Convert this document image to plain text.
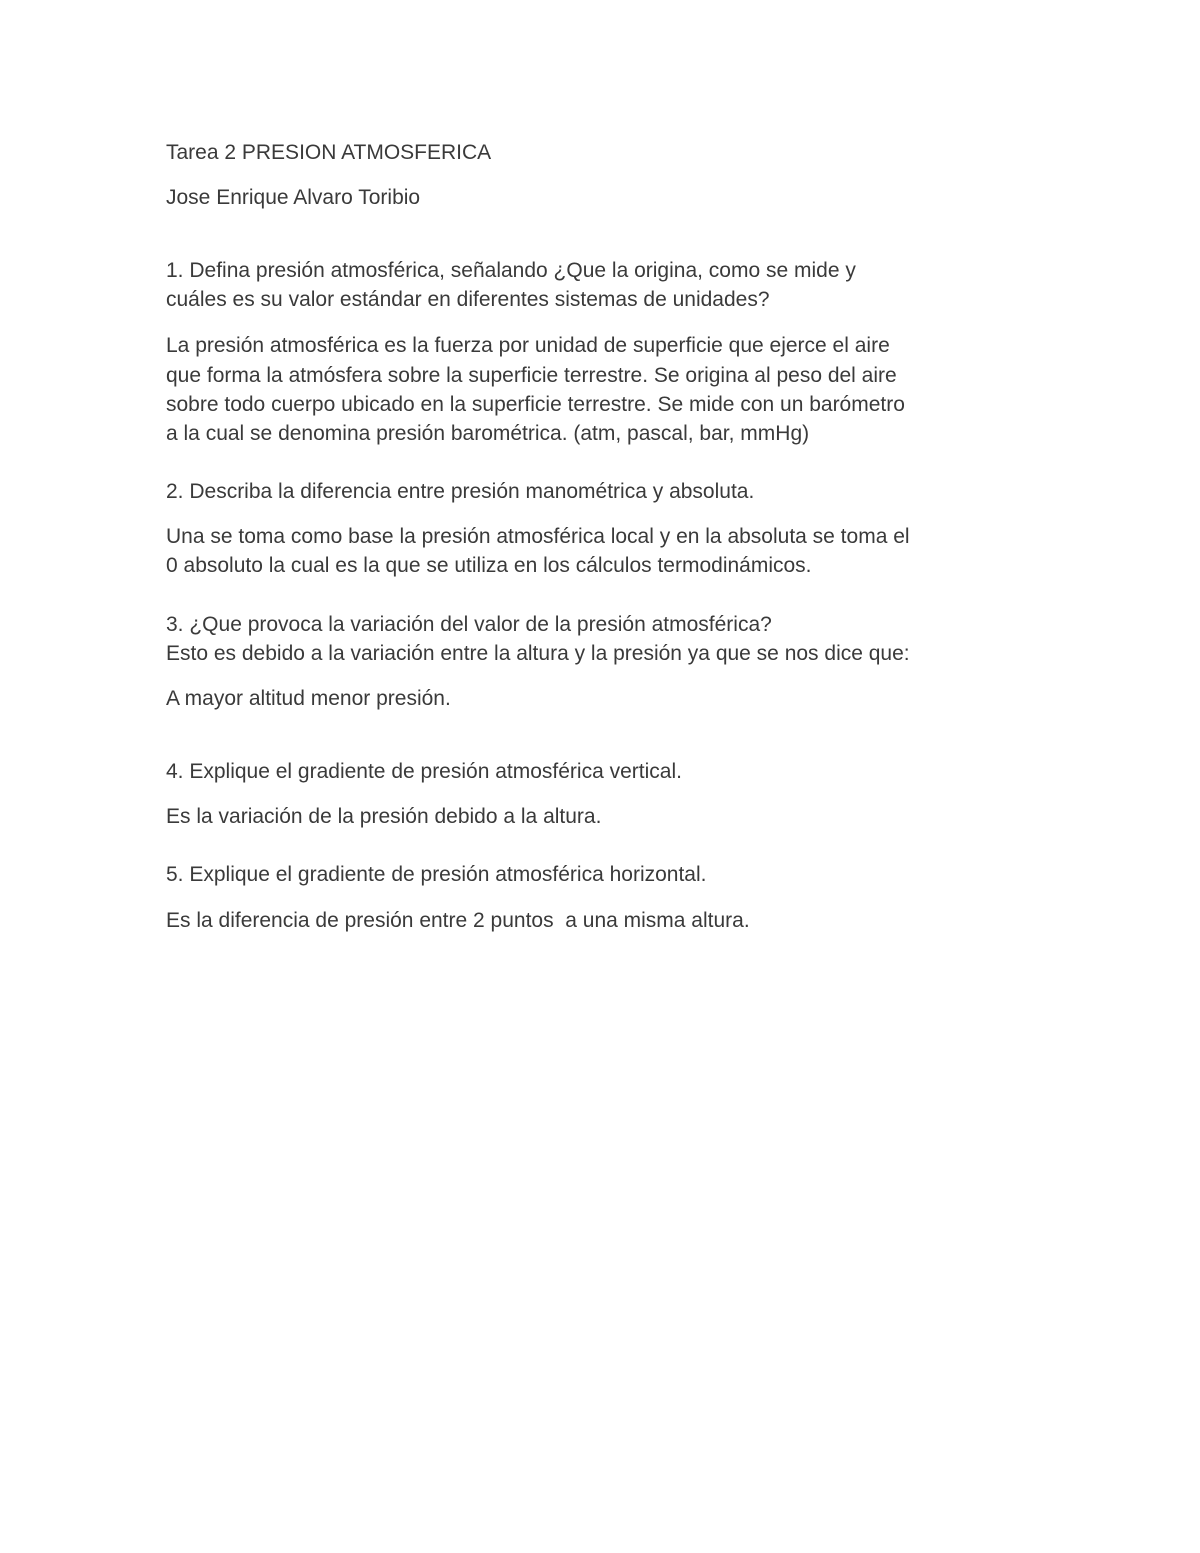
Tarea 2 PRESION ATMOSFERICA
Jose Enrique Alvaro Toribio
1. Defina presión atmosférica, señalando ¿Que la origina, como se mide y
cuáles es su valor estándar en diferentes sistemas de unidades?
La presión atmosférica es la fuerza por unidad de superficie que ejerce el aire
que forma la atmósfera sobre la superficie terrestre. Se origina al peso del aire
sobre todo cuerpo ubicado en la superficie terrestre. Se mide con un barómetro
a la cual se denomina presión barométrica. (atm, pascal, bar, mmHg)
2. Describa la diferencia entre presión manométrica y absoluta.
Una se toma como base la presión atmosférica local y en la absoluta se toma el
0 absoluto la cual es la que se utiliza en los cálculos termodinámicos.
3. ¿Que provoca la variación del valor de la presión atmosférica?
Esto es debido a la variación entre la altura y la presión ya que se nos dice que:
A mayor altitud menor presión.
4. Explique el gradiente de presión atmosférica vertical.
Es la variación de la presión debido a la altura.
5. Explique el gradiente de presión atmosférica horizontal.
Es la diferencia de presión entre 2 puntos  a una misma altura.
